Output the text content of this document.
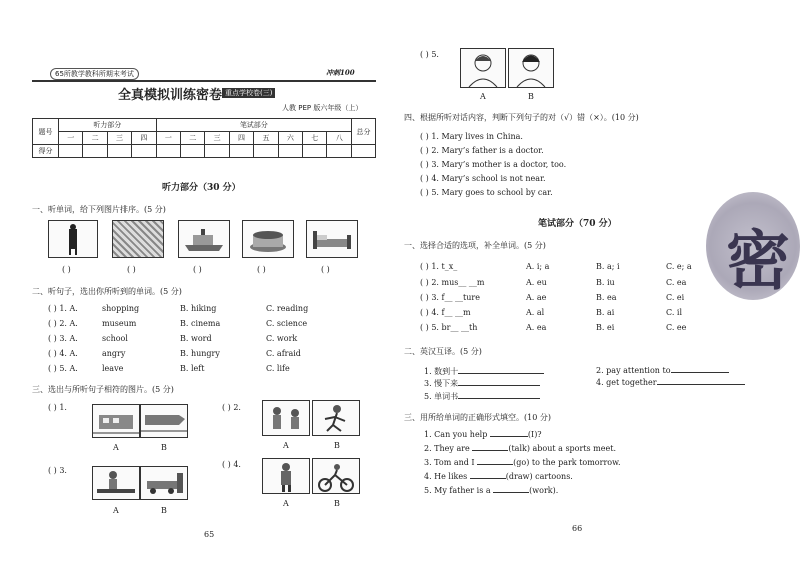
65所教学教科所期末考试	冲刺100
全真模拟训练密卷 重点学校卷(三)
人教 PEP 版六年级（上）
题号	听力部分				笔试部分								总分
	一	二	三	四	一	二	三	四	五	六	七	八	
得分													
听力部分（30 分）
一、听单词，给下列图片排序。(5 分)
( )	( )	( )	( )	( )
二、听句子，选出你所听到的单词。(5 分)
( ) 1. A.	shopping	B. hiking	C. reading
( ) 2. A.	museum	B. cinema	C. science
( ) 3. A.	school	B. word	C. work
( ) 4. A.	angry	B. hungry	C. afraid
( ) 5. A.	leave	B. left	C. life
三、选出与所听句子相符的图片。(5 分)
( ) 1.
A	B
( ) 2.
A	B
( ) 3.
A	B
( ) 4.
A	B
65
( ) 5.
A	B
四、根据所听对话内容，判断下列句子的对（√）错（×）。(10 分)
( ) 1. Mary lives in China.
( ) 2. Mary’s father is a doctor.
( ) 3. Mary’s mother is a doctor, too.
( ) 4. Mary’s school is not near.
( ) 5. Mary goes to school by car.
笔试部分（70 分）
一、选择合适的选项，补全单词。(5 分)
( ) 1. t_x_	A. i; a	B. a; i	C. e; a
( ) 2. mus__ __m	A. eu	B. iu	C. ea
( ) 3. f__ __ture	A. ae	B. ea	C. ei
( ) 4. f__ __m	A. al	B. ai	C. il
( ) 5. br__ __th	A. ea	B. ei	C. ee
二、英汉互译。(5 分)
1. 数到十	2. pay attention to
3. 慢下来	4. get together
5. 单词书
三、用所给单词的正确形式填空。(10 分)
1. Can you help	(I)?
2. They are	(talk) about a sports meet.
3. Tom and I	(go) to the park tomorrow.
4. He likes	(draw) cartoons.
5. My father is a	(work).
66
密
